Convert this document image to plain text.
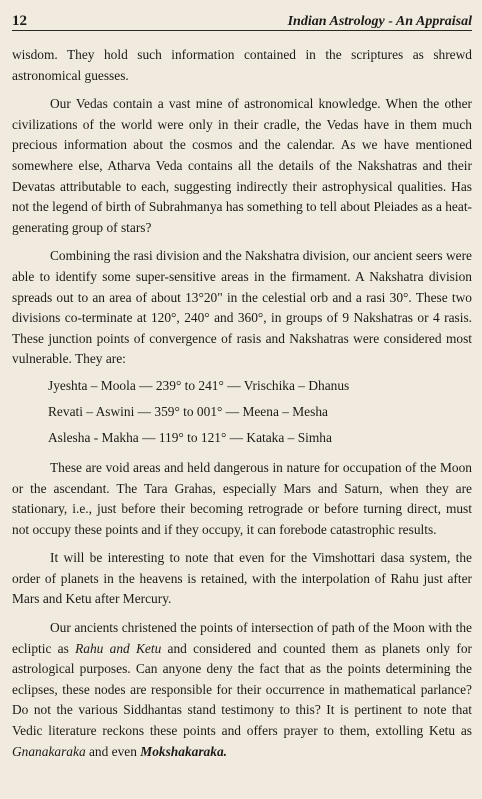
12	Indian Astrology - An Appraisal

wisdom. They hold such information contained in the scriptures as shrewd astronomical guesses.

Our Vedas contain a vast mine of astronomical knowledge. When the other civilizations of the world were only in their cradle, the Vedas have in them much precious information about the cosmos and the calendar. As we have mentioned somewhere else, Atharva Veda contains all the details of the Nakshatras and their Devatas attributable to each, suggesting indirectly their astrophysical qualities. Has not the legend of birth of Subrahmanya has something to tell about Pleiades as a heat-generating group of stars?

Combining the rasi division and the Nakshatra division, our ancient seers were able to identify some super-sensitive areas in the firmament. A Nakshatra division spreads out to an area of about 13°20" in the celestial orb and a rasi 30°. These two divisions co-terminate at 120°, 240° and 360°, in groups of 9 Nakshatras or 4 rasis. These junction points of convergence of rasis and Nakshatras were considered most vulnerable. They are:

Jyeshta – Moola — 239° to 241° — Vrischika – Dhanus
Revati – Aswini — 359° to 001° — Meena – Mesha
Aslesha - Makha — 119° to 121° — Kataka – Simha

These are void areas and held dangerous in nature for occupation of the Moon or the ascendant. The Tara Grahas, especially Mars and Saturn, when they are stationary, i.e., just before their becoming retrograde or before turning direct, must not occupy these points and if they occupy, it can forebode catastrophic results.

It will be interesting to note that even for the Vimshottari dasa system, the order of planets in the heavens is retained, with the interpolation of Rahu just after Mars and Ketu after Mercury.

Our ancients christened the points of intersection of path of the Moon with the ecliptic as Rahu and Ketu and considered and counted them as planets only for astrological purposes. Can anyone deny the fact that as the points determining the eclipses, these nodes are responsible for their occurrence in mathematical parlance? Do not the various Siddhantas stand testimony to this? It is pertinent to note that Vedic literature reckons these points and offers prayer to them, extolling Ketu as Gnanakaraka and even Mokshakaraka.
